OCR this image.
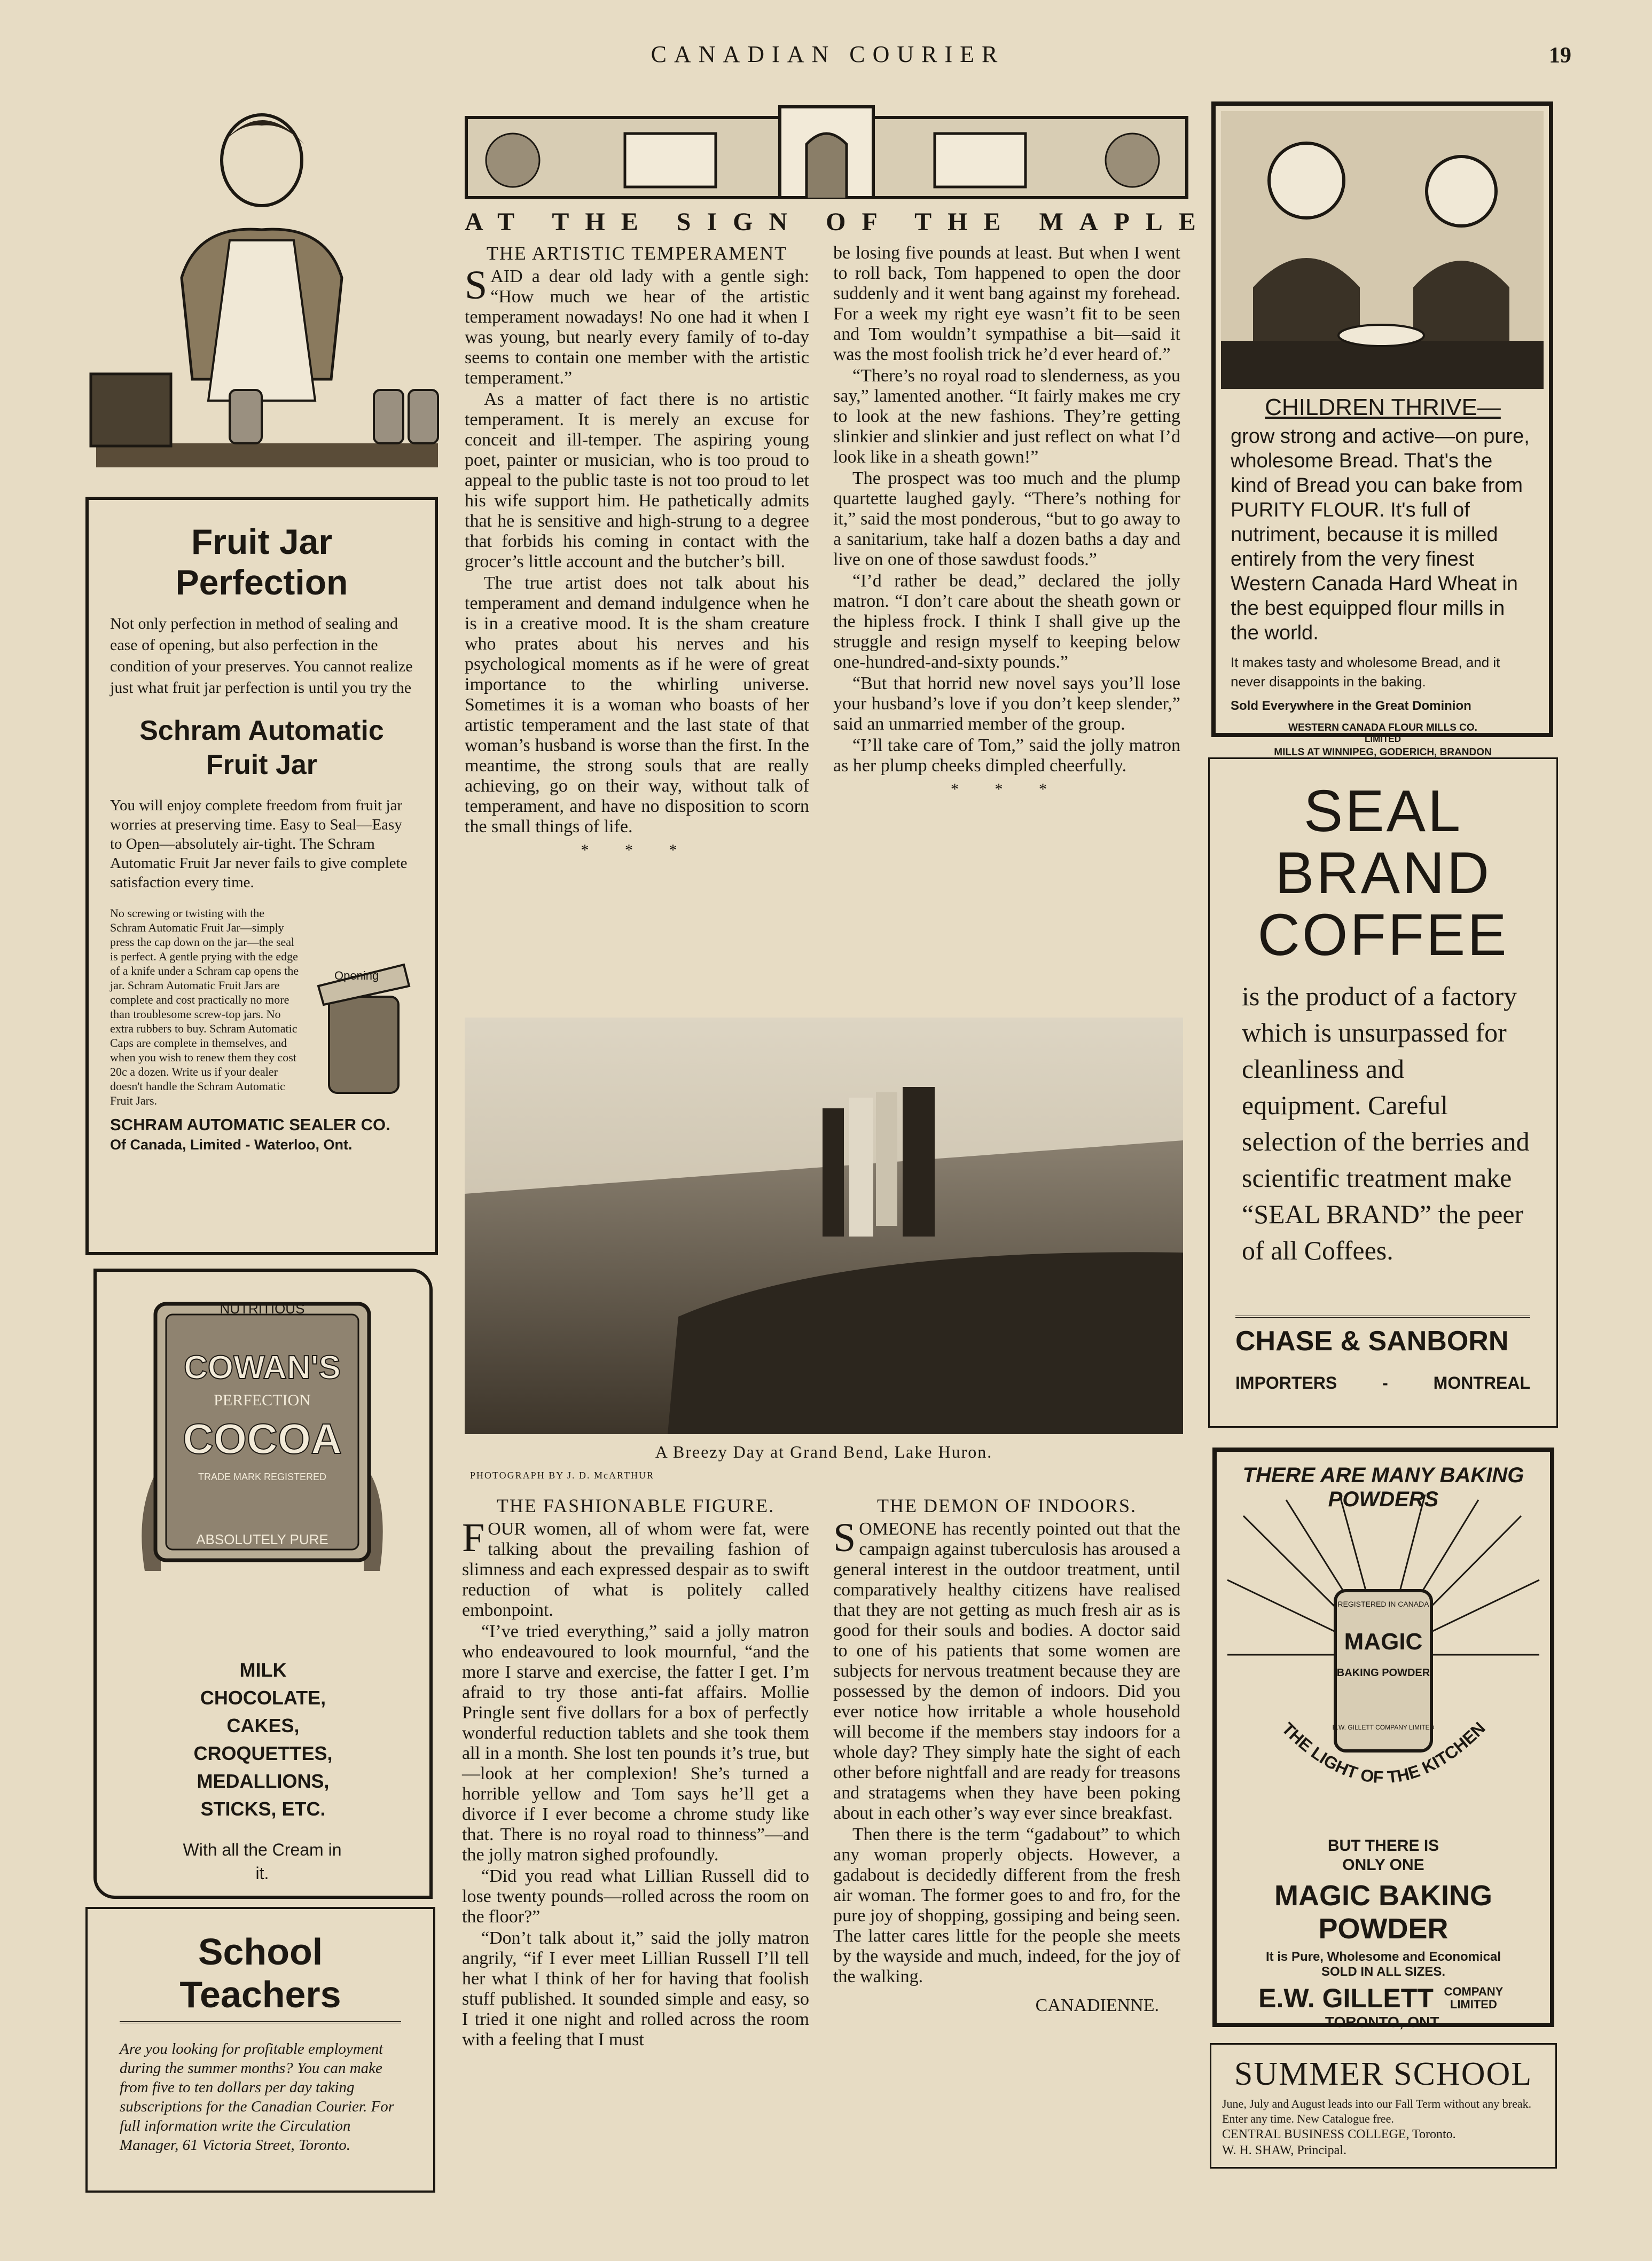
CANADIAN COURIER	19
Fruit Jar Perfection
Not only perfection in method of sealing and ease of opening, but also perfection in the condition of your preserves. You cannot realize just what fruit jar perfection is until you try the
Schram Automatic Fruit Jar
You will enjoy complete freedom from fruit jar worries at preserving time. Easy to Seal—Easy to Open—absolutely air-tight. The Schram Automatic Fruit Jar never fails to give complete satisfaction every time.
No screwing or twisting with the Schram Automatic Fruit Jar—simply press the cap down on the jar—the seal is perfect. A gentle prying with the edge of a knife under a Schram cap opens the jar. Schram Automatic Fruit Jars are complete and cost practically no more than troublesome screw-top jars. No extra rubbers to buy. Schram Automatic Caps are complete in themselves, and when you wish to renew them they cost 20c a dozen. Write us if your dealer doesn't handle the Schram Automatic Fruit Jars.
Opening
SCHRAM AUTOMATIC SEALER CO.
Of Canada, Limited - Waterloo, Ont.
NUTRITIOUS
COWAN'S
PERFECTION
COCOA
TRADE MARK REGISTERED
ABSOLUTELY PURE
MILK
CHOCOLATE,
CAKES,
CROQUETTES,
MEDALLIONS,
STICKS, ETC.
With all the Cream in it.
School Teachers
Are you looking for profitable employment during the summer months? You can make from five to ten dollars per day taking subscriptions for the Canadian Courier. For full information write the Circulation Manager, 61 Victoria Street, Toronto.
AT THE SIGN OF THE MAPLE
THE ARTISTIC TEMPERAMENT

SAID a dear old lady with a gentle sigh: “How much we hear of the artistic temperament nowadays! No one had it when I was young, but nearly every family of to-day seems to contain one member with the artistic temperament.”

As a matter of fact there is no artistic temperament. It is merely an excuse for conceit and ill-temper. The aspiring young poet, painter or musician, who is too proud to appeal to the public taste is not too proud to let his wife support him. He pathetically admits that he is sensitive and high-strung to a degree that forbids his coming in contact with the grocer’s little account and the butcher’s bill.

The true artist does not talk about his temperament and demand indulgence when he is in a creative mood. It is the sham creature who prates about his nerves and his psychological moments as if he were of great importance to the whirling universe. Sometimes it is a woman who boasts of her artistic temperament and the last state of that woman’s husband is worse than the first. In the meantime, the strong souls that are really achieving, go on their way, without talk of temperament, and have no disposition to scorn the small things of life.

* * *

be losing five pounds at least. But when I went to roll back, Tom happened to open the door suddenly and it went bang against my forehead. For a week my right eye wasn’t fit to be seen and Tom wouldn’t sympathise a bit—said it was the most foolish trick he’d ever heard of.”

“There’s no royal road to slenderness, as you say,” lamented another. “It fairly makes me cry to look at the new fashions. They’re getting slinkier and slinkier and just reflect on what I’d look like in a sheath gown!”

The prospect was too much and the plump quartette laughed gayly. “There’s nothing for it,” said the most ponderous, “but to go away to a sanitarium, take half a dozen baths a day and live on one of those sawdust foods.”

“I’d rather be dead,” declared the jolly matron. “I don’t care about the sheath gown or the hipless frock. I think I shall give up the struggle and resign myself to keeping below one-hundred-and-sixty pounds.”

“But that horrid new novel says you’ll lose your husband’s love if you don’t keep slender,” said an unmarried member of the group.

“I’ll take care of Tom,” said the jolly matron as her plump cheeks dimpled cheerfully.

* * *
A Breezy Day at Grand Bend, Lake Huron.
PHOTOGRAPH BY J. D. McARTHUR
THE FASHIONABLE FIGURE.

FOUR women, all of whom were fat, were talking about the prevailing fashion of slimness and each expressed despair as to swift reduction of what is politely called embonpoint.

“I’ve tried everything,” said a jolly matron who endeavoured to look mournful, “and the more I starve and exercise, the fatter I get. I’m afraid to try those anti-fat affairs. Mollie Pringle sent five dollars for a box of perfectly wonderful reduction tablets and she took them all in a month. She lost ten pounds it’s true, but—look at her complexion! She’s turned a horrible yellow and Tom says he’ll get a divorce if I ever become a chrome study like that. There is no royal road to thinness”—and the jolly matron sighed profoundly.

“Did you read what Lillian Russell did to lose twenty pounds—rolled across the room on the floor?”

“Don’t talk about it,” said the jolly matron angrily, “if I ever meet Lillian Russell I’ll tell her what I think of her for having that foolish stuff published. It sounded simple and easy, so I tried it one night and rolled across the room with a feeling that I must

THE DEMON OF INDOORS.

SOMEONE has recently pointed out that the campaign against tuberculosis has aroused a general interest in the outdoor treatment, until comparatively healthy citizens have realised that they are not getting as much fresh air as is good for their souls and bodies. A doctor said to one of his patients that some women are subjects for nervous treatment because they are possessed by the demon of indoors. Did you ever notice how irritable a whole household will become if the members stay indoors for a whole day? They simply hate the sight of each other before nightfall and are ready for treasons and stratagems when they have been poking about in each other’s way ever since breakfast.

Then there is the term “gadabout” to which any woman properly objects. However, a gadabout is decidedly different from the fresh air woman. The former goes to and fro, for the pure joy of shopping, gossiping and being seen. The latter cares little for the people she meets by the wayside and much, indeed, for the joy of the walking.

CANADIENNE.
CHILDREN THRIVE—
grow strong and active—on pure, wholesome Bread. That's the kind of Bread you can bake from PURITY FLOUR. It's full of nutriment, because it is milled entirely from the very finest Western Canada Hard Wheat in the best equipped flour mills in the world.
It makes tasty and wholesome Bread, and it never disappoints in the baking.
Sold Everywhere in the Great Dominion
WESTERN CANADA FLOUR MILLS CO.
LIMITED
MILLS AT WINNIPEG, GODERICH, BRANDON
SEAL
BRAND
COFFEE
is the product of a factory which is unsurpassed for cleanliness and equipment. Careful selection of the berries and scientific treatment make “SEAL BRAND” the peer of all Coffees.
CHASE & SANBORN
IMPORTERS	-	MONTREAL
THERE ARE MANY BAKING POWDERS
REGISTERED IN CANADA
MAGIC
BAKING POWDER
E.W. GILLETT COMPANY LIMITED
THE LIGHT OF THE KITCHEN
BUT THERE IS ONLY ONE
MAGIC BAKING POWDER
It is Pure, Wholesome and Economical
SOLD IN ALL SIZES.
E.W. GILLETT COMPANY LIMITED
TORONTO, ONT.
SUMMER SCHOOL
June, July and August leads into our Fall Term without any break. Enter any time. New Catalogue free.
CENTRAL BUSINESS COLLEGE, Toronto.
W. H. SHAW, Principal.
